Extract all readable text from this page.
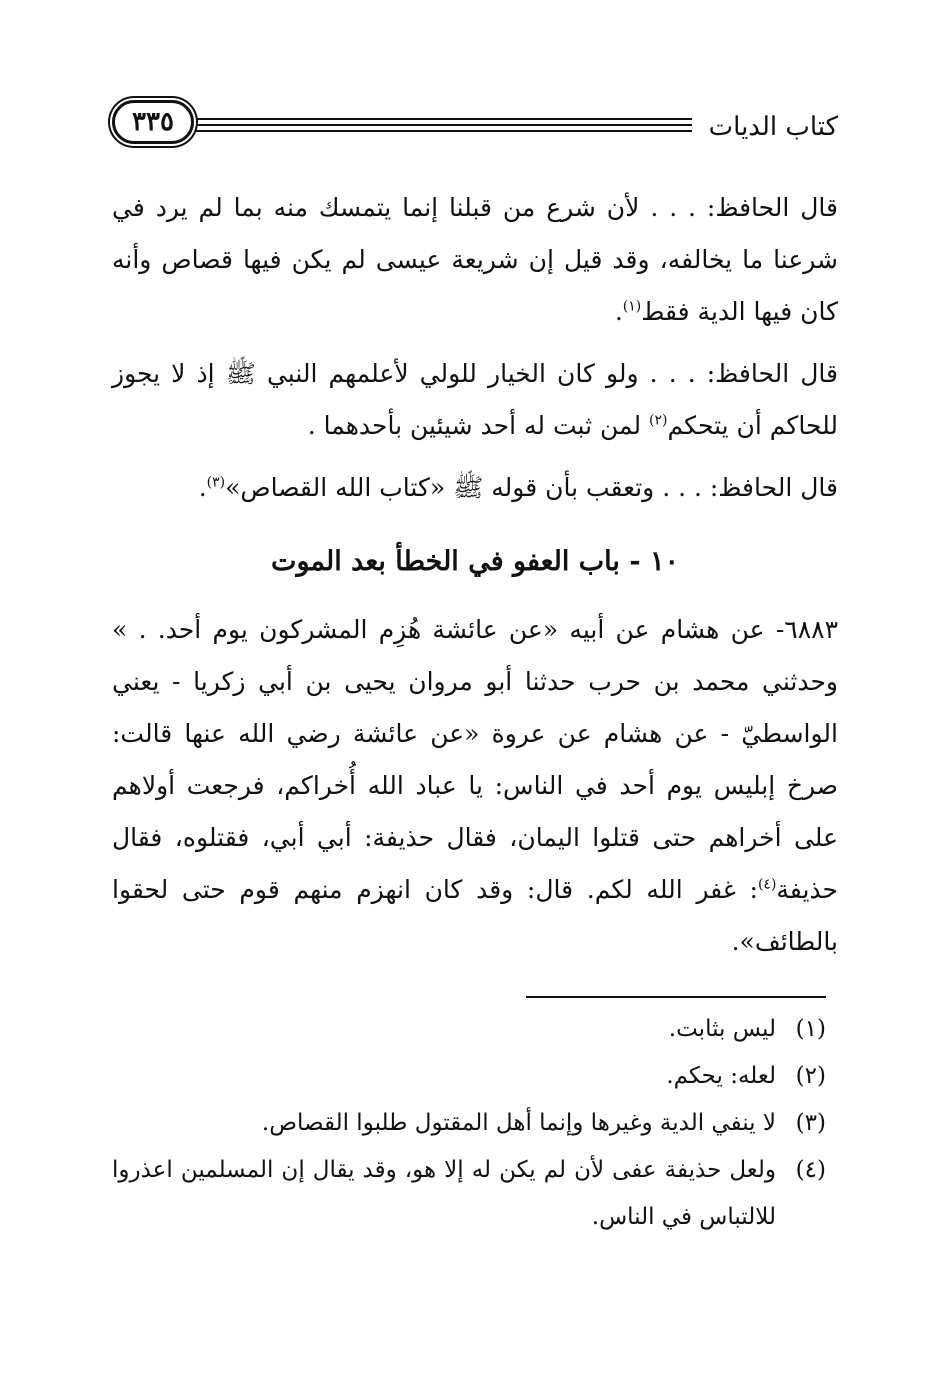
كتاب الديات
٣٣٥

قال الحافظ: . . . لأن شرع من قبلنا إنما يتمسك منه بما لم يرد في شرعنا ما يخالفه، وقد قيل إن شريعة عيسى لم يكن فيها قصاص وأنه كان فيها الدية فقط$^{(١)}$.

قال الحافظ: . . . ولو كان الخيار للولي لأعلمهم النبي ﷺ إذ لا يجوز للحاكم أن يتحكم$^{(٢)}$ لمن ثبت له أحد شيئين بأحدهما .

قال الحافظ: . . . وتعقب بأن قوله ﷺ «كتاب الله القصاص»$^{(٣)}$.

١٠ - باب العفو في الخطأ بعد الموت

٦٨٨٣- عن هشام عن أبيه «عن عائشة هُزِم المشركون يوم أحد. . » وحدثني محمد بن حرب حدثنا أبو مروان يحيى بن أبي زكريا - يعني الواسطيّ - عن هشام عن عروة «عن عائشة رضي الله عنها قالت: صرخ إبليس يوم أحد في الناس: يا عباد الله أُخراكم، فرجعت أولاهم على أخراهم حتى قتلوا اليمان، فقال حذيفة: أبي أبي، فقتلوه، فقال حذيفة$^{(٤)}$: غفر الله لكم. قال: وقد كان انهزم منهم قوم حتى لحقوا بالطائف».

(١)
ليس بثابت.

(٢)
لعله: يحكم.

(٣)
لا ينفي الدية وغيرها وإنما أهل المقتول طلبوا القصاص.

(٤)
ولعل حذيفة عفى لأن لم يكن له إلا هو، وقد يقال إن المسلمين اعذروا للالتباس في الناس.
